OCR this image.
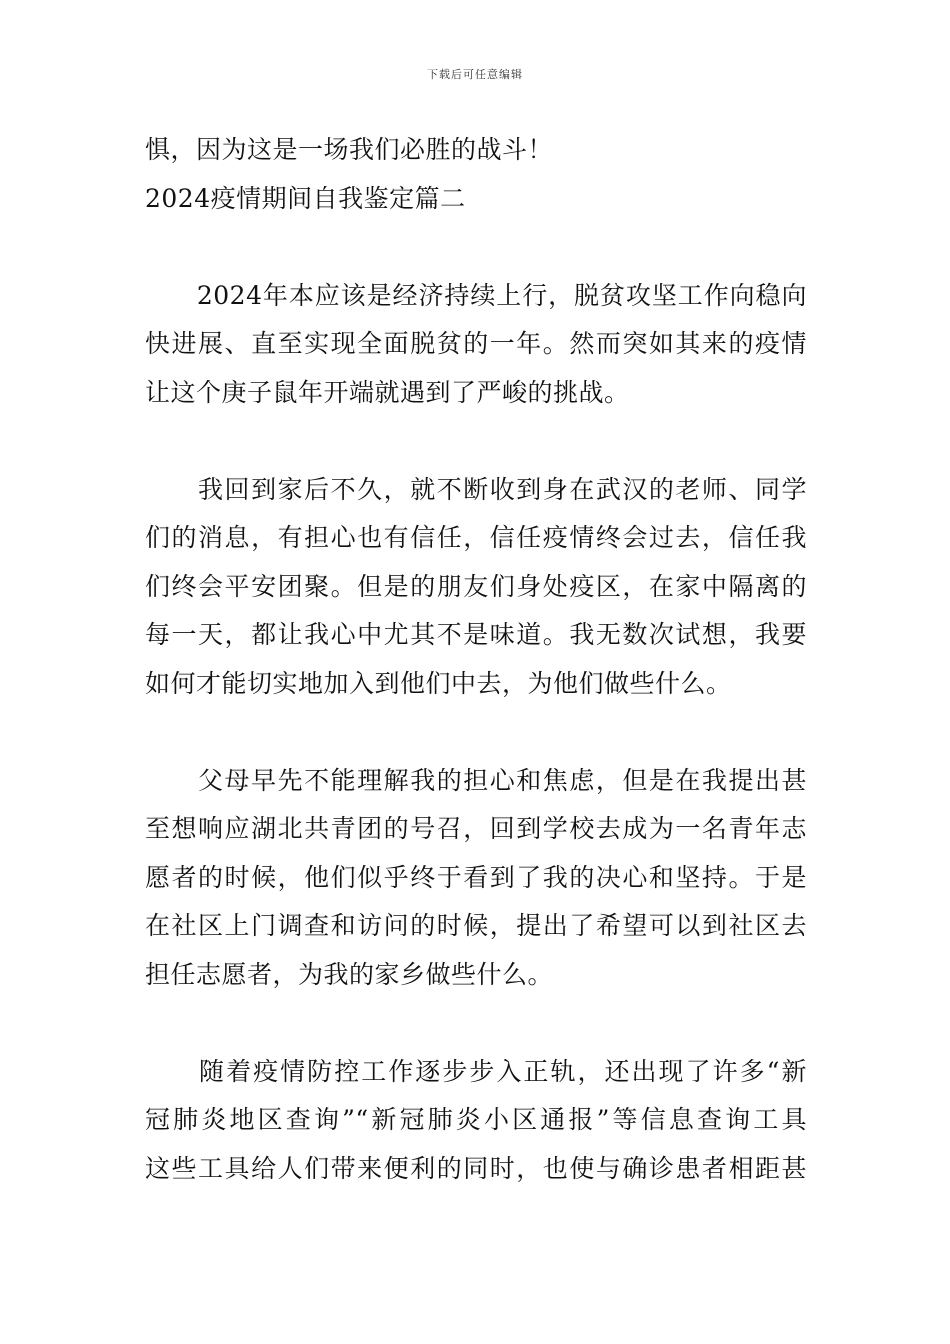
下载后可任意编辑
惧，因为这是一场我们必胜的战斗！
2024疫情期间自我鉴定篇二
　　2024年本应该是经济持续上行，脱贫攻坚工作向稳向
快进展、直至实现全面脱贫的一年。然而突如其来的疫情
让这个庚子鼠年开端就遇到了严峻的挑战。
　　我回到家后不久，就不断收到身在武汉的老师、同学
们的消息，有担心也有信任，信任疫情终会过去，信任我
们终会平安团聚。但是的朋友们身处疫区，在家中隔离的
每一天，都让我心中尤其不是味道。我无数次试想，我要
如何才能切实地加入到他们中去，为他们做些什么。
　　父母早先不能理解我的担心和焦虑，但是在我提出甚
至想响应湖北共青团的号召，回到学校去成为一名青年志
愿者的时候，他们似乎终于看到了我的决心和坚持。于是
在社区上门调查和访问的时候，提出了希望可以到社区去
担任志愿者，为我的家乡做些什么。
　　随着疫情防控工作逐步步入正轨，还出现了许多“新
冠肺炎地区查询”“新冠肺炎小区通报”等信息查询工具
这些工具给人们带来便利的同时，也使与确诊患者相距甚
